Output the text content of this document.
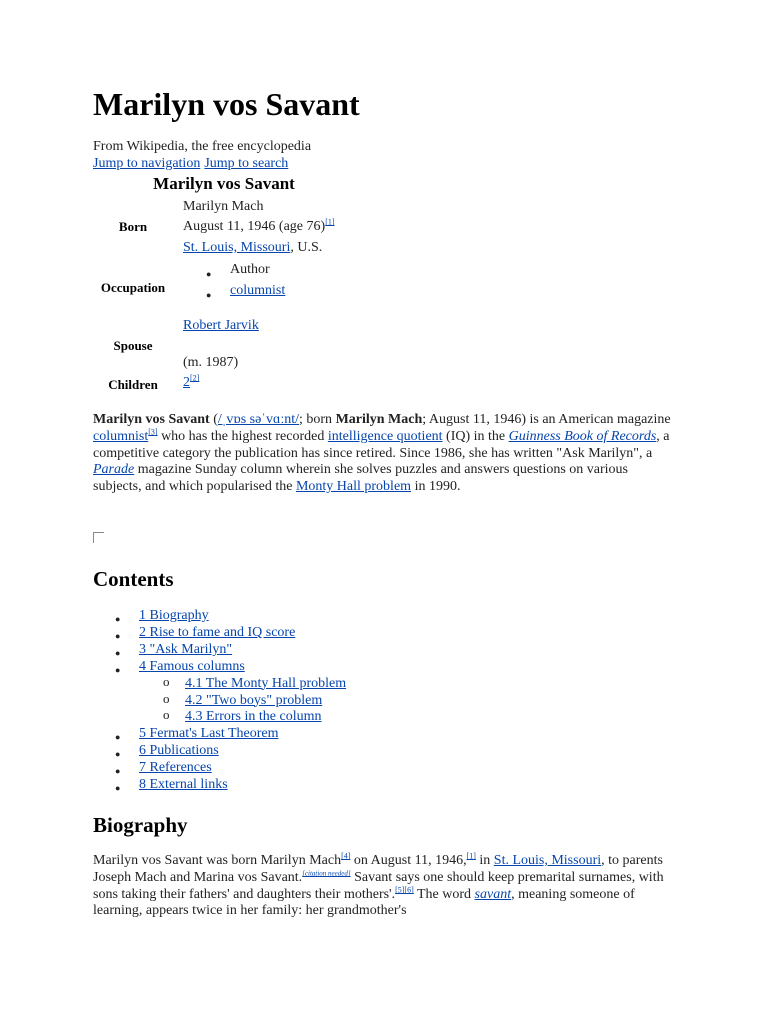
Marilyn vos Savant
From Wikipedia, the free encyclopedia
Jump to navigation Jump to search
Marilyn vos Savant
Born
Marilyn Mach
August 11, 1946 (age 76)[1]
St. Louis, Missouri, U.S.
Occupation
● Author
● columnist
Robert Jarvik
Spouse
(m. 1987)
Children	2[2]

Marilyn vos Savant (/ˌvɒs səˈvɑːnt/; born Marilyn Mach; August 11, 1946) is an American magazine columnist[3] who has the highest recorded intelligence quotient (IQ) in the Guinness Book of Records, a competitive category the publication has since retired. Since 1986, she has written "Ask Marilyn", a Parade magazine Sunday column wherein she solves puzzles and answers questions on various subjects, and which popularised the Monty Hall problem in 1990.

Contents
● 1 Biography
● 2 Rise to fame and IQ score
● 3 "Ask Marilyn"
● 4 Famous columns
o 4.1 The Monty Hall problem
o 4.2 "Two boys" problem
o 4.3 Errors in the column
● 5 Fermat's Last Theorem
● 6 Publications
● 7 References
● 8 External links
Biography

Marilyn vos Savant was born Marilyn Mach[4] on August 11, 1946,[1] in St. Louis, Missouri, to parents Joseph Mach and Marina vos Savant.[citation needed] Savant says one should keep premarital surnames, with sons taking their fathers' and daughters their mothers'.[5][6] The word savant, meaning someone of learning, appears twice in her family: her grandmother's
